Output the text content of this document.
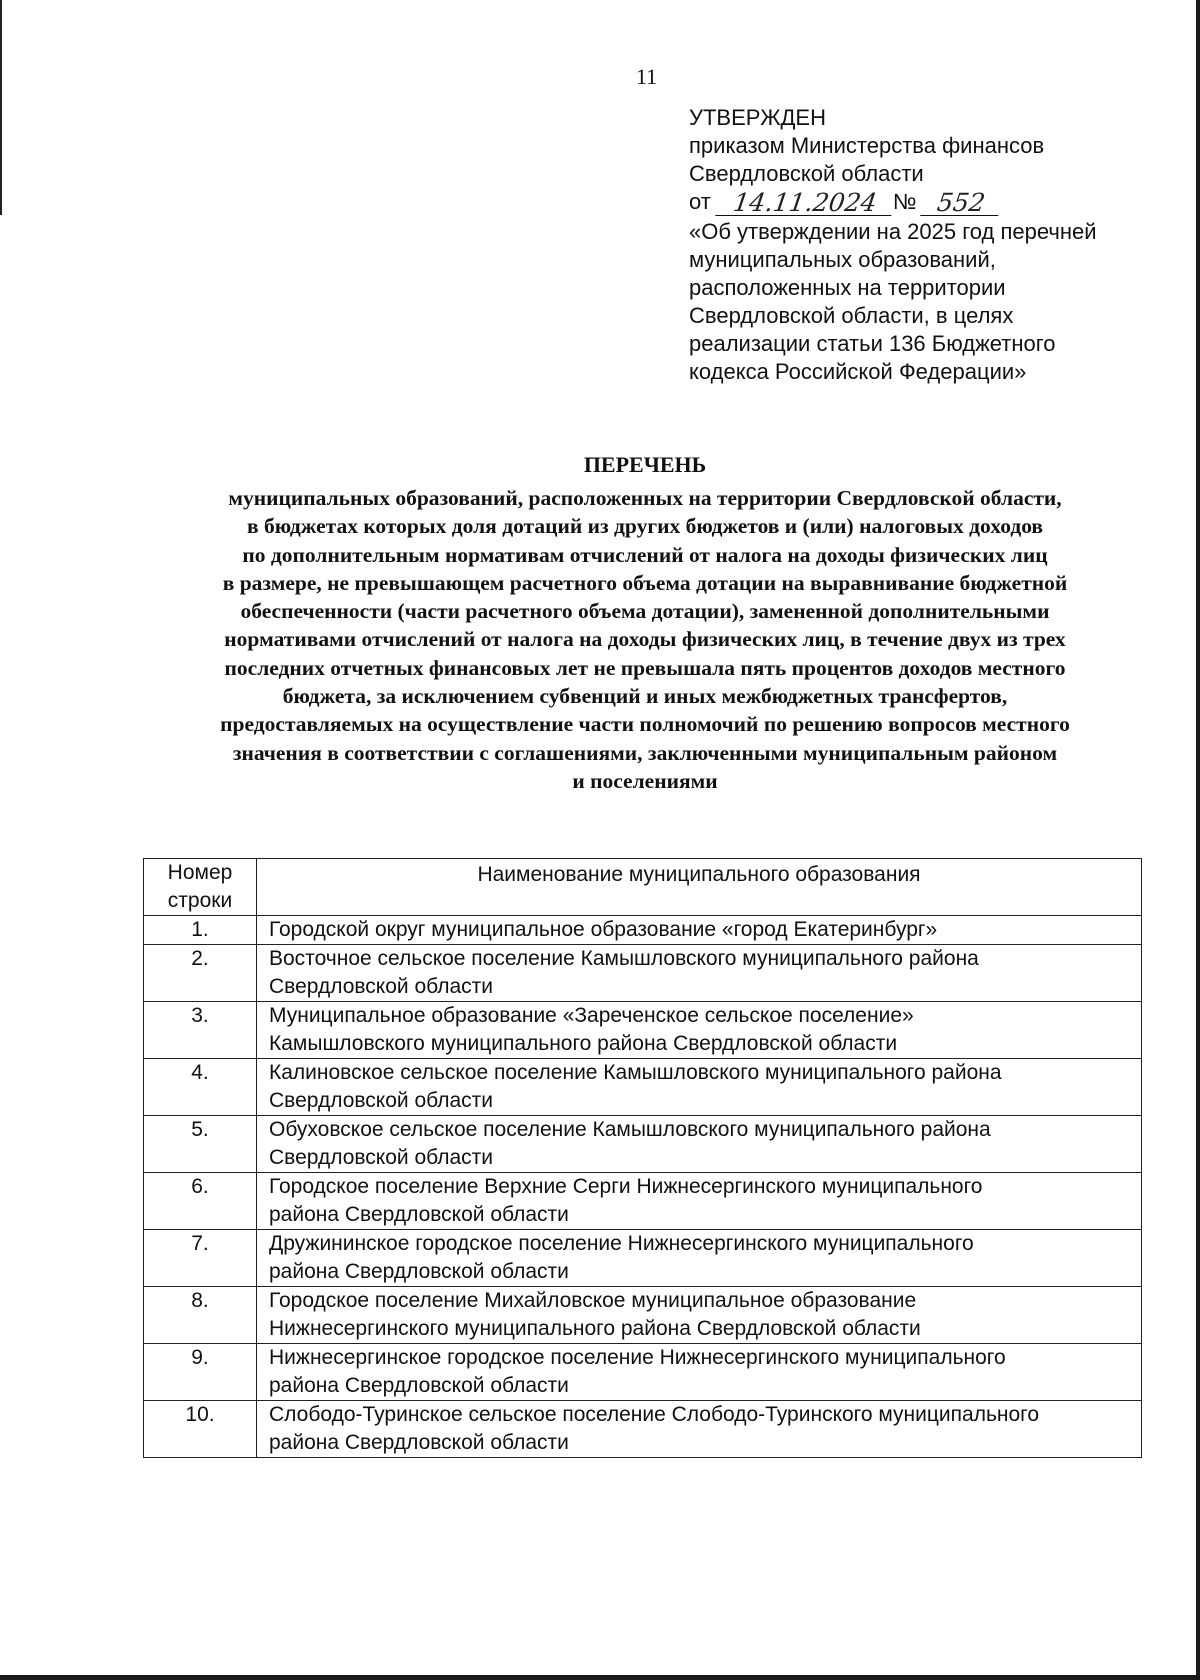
11
УТВЕРЖДЕН
приказом Министерства финансов
Свердловской области
от 14.11.2024 № 552
«Об утверждении на 2025 год перечней
муниципальных образований,
расположенных на территории
Свердловской области, в целях
реализации статьи 136 Бюджетного
кодекса Российской Федерации»
ПЕРЕЧЕНЬ
муниципальных образований, расположенных на территории Свердловской области,
в бюджетах которых доля дотаций из других бюджетов и (или) налоговых доходов
по дополнительным нормативам отчислений от налога на доходы физических лиц
в размере, не превышающем расчетного объема дотации на выравнивание бюджетной
обеспеченности (части расчетного объема дотации), замененной дополнительными
нормативами отчислений от налога на доходы физических лиц, в течение двух из трех
последних отчетных финансовых лет не превышала пять процентов доходов местного
бюджета, за исключением субвенций и иных межбюджетных трансфертов,
предоставляемых на осуществление части полномочий по решению вопросов местного
значения в соответствии с соглашениями, заключенными муниципальным районом
и поселениями
Номер
строки	Наименование муниципального образования
1.	Городской округ муниципальное образование «город Екатеринбург»

2.	Восточное сельское поселение Камышловского муниципального района
Свердловской области

3.	Муниципальное образование «Зареченское сельское поселение»
Камышловского муниципального района Свердловской области

4.	Калиновское сельское поселение Камышловского муниципального района
Свердловской области

5.	Обуховское сельское поселение Камышловского муниципального района
Свердловской области

6.	Городское поселение Верхние Серги Нижнесергинского муниципального
района Свердловской области

7.	Дружининское городское поселение Нижнесергинского муниципального
района Свердловской области

8.	Городское поселение Михайловское муниципальное образование
Нижнесергинского муниципального района Свердловской области

9.	Нижнесергинское городское поселение Нижнесергинского муниципального
района Свердловской области

10.	Слободо-Туринское сельское поселение Слободо-Туринского муниципального
района Свердловской области
